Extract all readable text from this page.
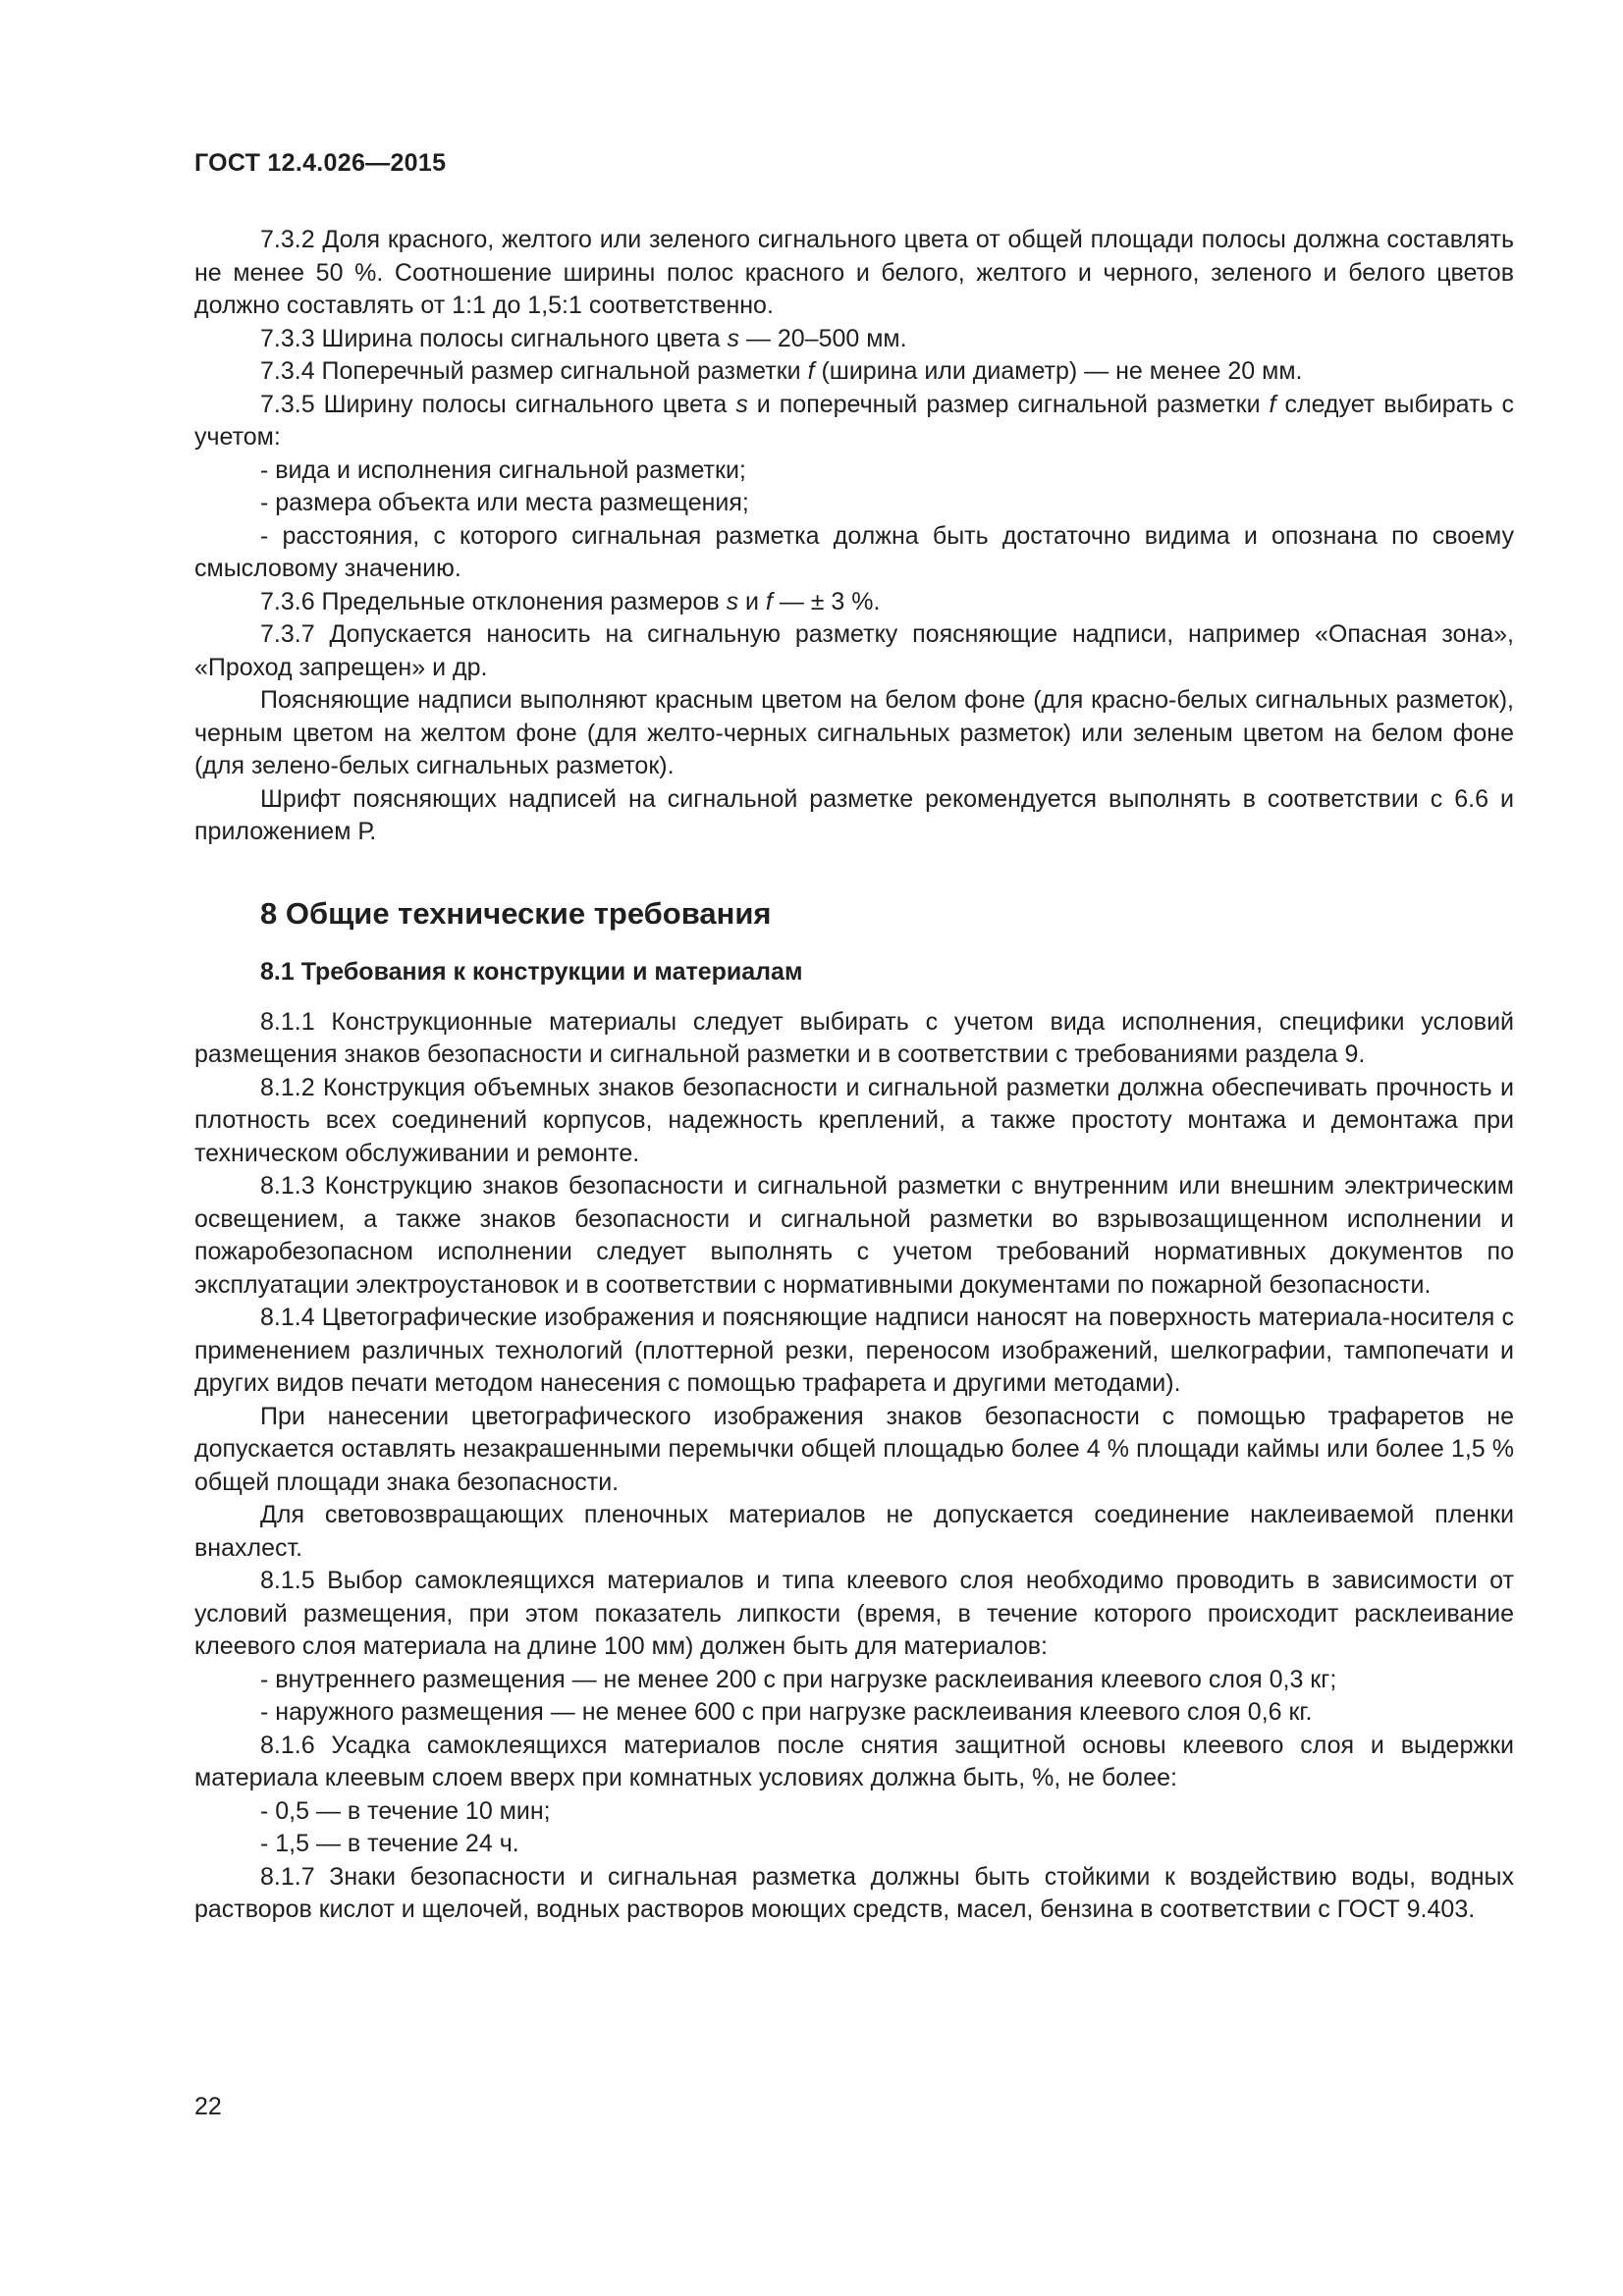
ГОСТ 12.4.026—2015

7.3.2 Доля красного, желтого или зеленого сигнального цвета от общей площади полосы должна составлять не менее 50 %. Соотношение ширины полос красного и белого, желтого и черного, зеленого и белого цветов должно составлять от 1:1 до 1,5:1 соответственно.

7.3.3 Ширина полосы сигнального цвета s — 20–500 мм.

7.3.4 Поперечный размер сигнальной разметки f (ширина или диаметр) — не менее 20 мм.

7.3.5 Ширину полосы сигнального цвета s и поперечный размер сигнальной разметки f следует выбирать с учетом:

- вида и исполнения сигнальной разметки;

- размера объекта или места размещения;

- расстояния, с которого сигнальная разметка должна быть достаточно видима и опознана по своему смысловому значению.

7.3.6 Предельные отклонения размеров s и f — ± 3 %.

7.3.7 Допускается наносить на сигнальную разметку поясняющие надписи, например «Опасная зона», «Проход запрещен» и др.

Поясняющие надписи выполняют красным цветом на белом фоне (для красно-белых сигнальных разметок), черным цветом на желтом фоне (для желто-черных сигнальных разметок) или зеленым цветом на белом фоне (для зелено-белых сигнальных разметок).

Шрифт поясняющих надписей на сигнальной разметке рекомендуется выполнять в соответствии с 6.6 и приложением Р.

8 Общие технические требования
8.1 Требования к конструкции и материалам

8.1.1 Конструкционные материалы следует выбирать с учетом вида исполнения, специфики условий размещения знаков безопасности и сигнальной разметки и в соответствии с требованиями раздела 9.

8.1.2 Конструкция объемных знаков безопасности и сигнальной разметки должна обеспечивать прочность и плотность всех соединений корпусов, надежность креплений, а также простоту монтажа и демонтажа при техническом обслуживании и ремонте.

8.1.3 Конструкцию знаков безопасности и сигнальной разметки с внутренним или внешним электрическим освещением, а также знаков безопасности и сигнальной разметки во взрывозащищенном исполнении и пожаробезопасном исполнении следует выполнять с учетом требований нормативных документов по эксплуатации электроустановок и в соответствии с нормативными документами по пожарной безопасности.

8.1.4 Цветографические изображения и поясняющие надписи наносят на поверхность материала-носителя с применением различных технологий (плоттерной резки, переносом изображений, шелкографии, тампопечати и других видов печати методом нанесения с помощью трафарета и другими методами).

При нанесении цветографического изображения знаков безопасности с помощью трафаретов не допускается оставлять незакрашенными перемычки общей площадью более 4 % площади каймы или более 1,5 % общей площади знака безопасности.

Для световозвращающих пленочных материалов не допускается соединение наклеиваемой пленки внахлест.

8.1.5 Выбор самоклеящихся материалов и типа клеевого слоя необходимо проводить в зависимости от условий размещения, при этом показатель липкости (время, в течение которого происходит расклеивание клеевого слоя материала на длине 100 мм) должен быть для материалов:

- внутреннего размещения — не менее 200 с при нагрузке расклеивания клеевого слоя 0,3 кг;

- наружного размещения — не менее 600 с при нагрузке расклеивания клеевого слоя 0,6 кг.

8.1.6 Усадка самоклеящихся материалов после снятия защитной основы клеевого слоя и выдержки материала клеевым слоем вверх при комнатных условиях должна быть, %, не более:

- 0,5 — в течение 10 мин;

- 1,5 — в течение 24 ч.

8.1.7 Знаки безопасности и сигнальная разметка должны быть стойкими к воздействию воды, водных растворов кислот и щелочей, водных растворов моющих средств, масел, бензина в соответствии с ГОСТ 9.403.

22
